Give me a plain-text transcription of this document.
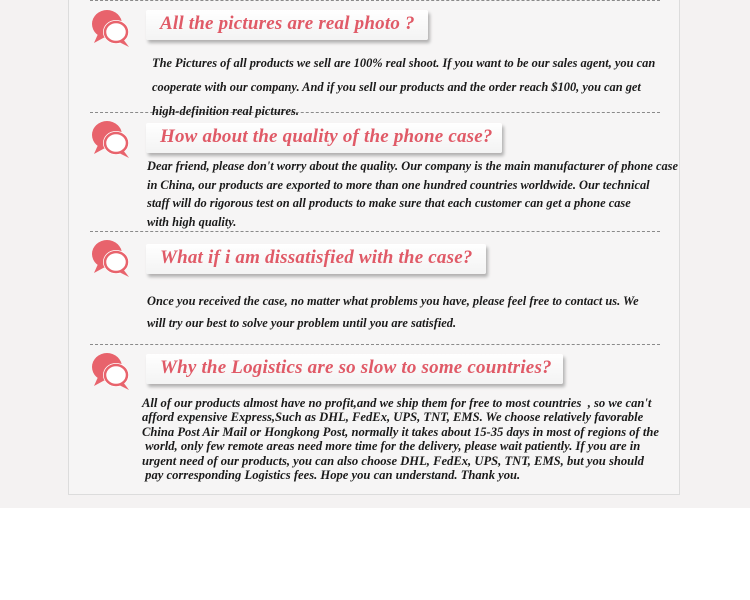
All the pictures are real photo ?
The Pictures of all products we sell are 100% real shoot. If you want to be our sales agent, you can
cooperate with our company. And if you sell our products and the order reach $100, you can get
high-definition real pictures.
How about the quality of the phone case?
Dear friend, please don't worry about the quality. Our company is the main manufacturer of phone case
in China, our products are exported to more than one hundred countries worldwide. Our technical
staff will do rigorous test on all products to make sure that each customer can get a phone case
with high quality.
What if i am dissatisfied with the case?
Once you received the case, no matter what problems you have, please feel free to contact us. We
will try our best to solve your problem until you are satisfied.
Why the Logistics are so slow to some countries?
All of our products almost have no profit,and we ship them for free to most countries  , so we can't
afford expensive Express,Such as DHL, FedEx, UPS, TNT, EMS. We choose relatively favorable
China Post Air Mail or Hongkong Post, normally it takes about 15-35 days in most of regions of the
world, only few remote areas need more time for the delivery, please wait patiently. If you are in
urgent need of our products, you can also choose DHL, FedEx, UPS, TNT, EMS, but you should
pay corresponding Logistics fees. Hope you can understand. Thank you.
